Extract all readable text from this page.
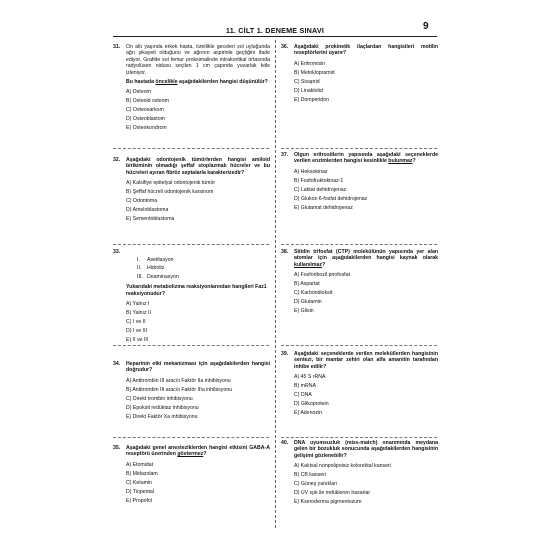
11. CİLT 1. DENEME SINAVI	9
31. On altı yaşında erkek hasta, özellikle geceleri sol uyluğunda ağrı şikayeti olduğunu ve ağrının aspirinle geçtiğini ifade ediyor. Grafide sol femur proksimalinde intrakortikal ortasında radyolüsen nidusu seçilen 1 cm çapında yuvarlak kitle izleniyor.
Bu hastada öncelikle aşağıdakilerden hangisi düşünülür?
A) Osteom
B) Osteoid osteom
C) Osteosarkom
D) Osteoblastom
E) Osteokondrom
32. Aşağıdaki odontojenik tümörlerden hangisi amiloid birikiminin olmadığı şeffaf stoplazmalı hücreler ve bu hücreleri ayıran fibröz septalarla karakterizedir?
A) Kalsifiye epitelyal odontojenik tümör
B) Şeffaf hücreli odontojenik karsinom
C) Odontoma
D) Ameloblastoma
E) Sementoblastoma
33.
I. Asetilasyon
II. Hidroliz
III. Deaminasyon
Yukarıdaki metabolizma reaksiyonlarından hangileri Faz1 reaksiyonudur?
A) Yalnız I
B) Yalnız II
C) I ve II
D) I ve III
E) II ve III
34. Heparinin etki mekanizması için aşağıdakilerden hangisi doğrudur?
A) Antitrombin III aracılı Faktör IIa inhibisyonu
B) Antitrombin III aracılı Faktör IIIa inhibisyonu
C) Direkt trombin inhibisyonu
D) Epoksit redüktaz inhibisyonu
E) Direkt Faktör Xa inhibisyonu
35. Aşağıdaki genel anesteziklerden hangisi etkisini GABA-A reseptörü üzerinden göstermez?
A) Etomidat
B) Midazolam
C) Ketamin
D) Tiopental
E) Propofol
36. Aşağıdaki prokinetik ilaçlardan hangisileri motilin reseptörlerini uyarır?
A) Eritromisin
B) Metoklopramid
C) Sisaprid
D) Linaklotid
E) Domperidon
37. Olgun eritrositlerin yapısında aşağıdaki seçeneklerde verilen enzimlerden hangisi kesinlikle bulunmaz?
A) Heksokinaz
B) Fosfofruktokinaz-1
C) Laktat dehidrojenaz
D) Glukoz-6-fosfat dehidrojenaz
E) Glutamat dehidrojenaz
38. Sitidin trifosfat (CTP) molekülünün yapısında yer alan atomlar için aşağıdakilerden hangisi kaynak olarak kullanılmaz?
A) Fosforibozil pirofosfat
B) Aspartat
C) Karbondioksit
D) Glutamin
E) Glisin
39. Aşağıdaki seçeneklerde verilen moleküllerden hangisinin sentezi, bir mantar zehiri olan alfa amanitin tarafından inhibe edilir?
A) 45 S rRNA
B) mRNA
C) DNA
D) Glikoprotein
E) Adenozin
40. DNA uyumsuzluk (miss-match) onarımında meydana gelen bir bozukluk sonucunda aşağıdakilerden hangisinin gelişimi gözlenebilir?
A) Kalıtsal nonpolipoisiz kolorektal kanseri
B) CB kanseri
C) Güneş yanıkları
D) UV ışık ile mdükleren hasarlar
E) Kseroderma pigmentozum
